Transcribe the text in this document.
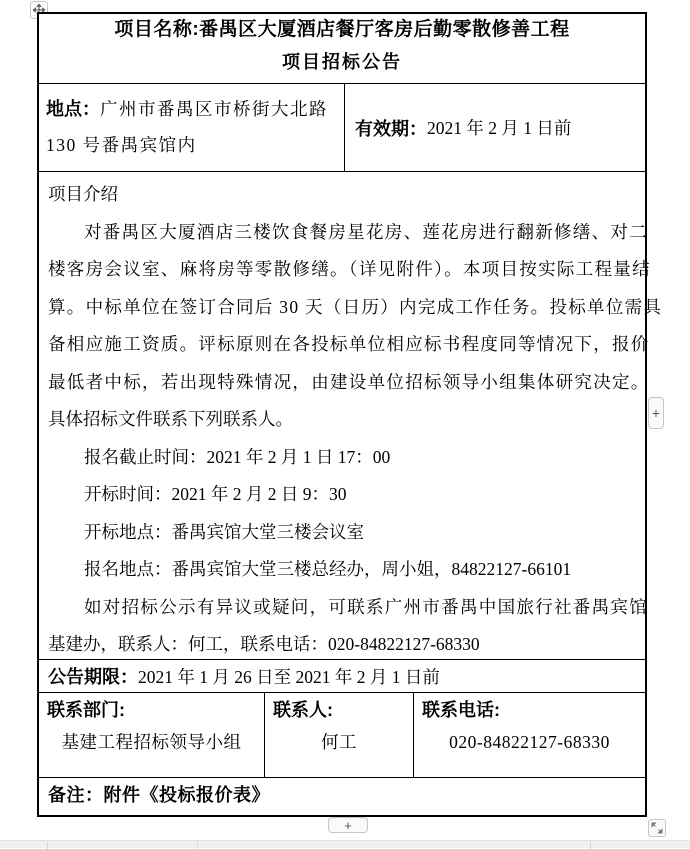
项目名称:番禺区大厦酒店餐厅客房后勤零散修善工程
项目招标公告
地点：广州市番禺区市桥街大北路 130 号番禺宾馆内
有效期： 2021 年 2 月 1 日前
项目介绍
对番禺区大厦酒店三楼饮食餐房星花房、莲花房进行翻新修缮、对二
楼客房会议室、麻将房等零散修缮。（详见附件）。本项目按实际工程量结
算。中标单位在签订合同后 30 天（日历）内完成工作任务。投标单位需具
备相应施工资质。评标原则在各投标单位相应标书程度同等情况下，报价
最低者中标，若出现特殊情况，由建设单位招标领导小组集体研究决定。
具体招标文件联系下列联系人。
报名截止时间：2021 年 2 月 1 日 17：00
开标时间：2021 年 2 月 2 日 9：30
开标地点：番禺宾馆大堂三楼会议室
报名地点：番禺宾馆大堂三楼总经办，周小姐，84822127-66101
如对招标公示有异议或疑问，可联系广州市番禺中国旅行社番禺宾馆
基建办，联系人：何工，联系电话：020-84822127-68330
公告期限： 2021 年 1 月 26 日至 2021 年 2 月 1 日前
联系部门:
基建工程招标领导小组
联系人:
何工
联系电话:
020-84822127-68330
备注： 附件《投标报价表》
+
+
